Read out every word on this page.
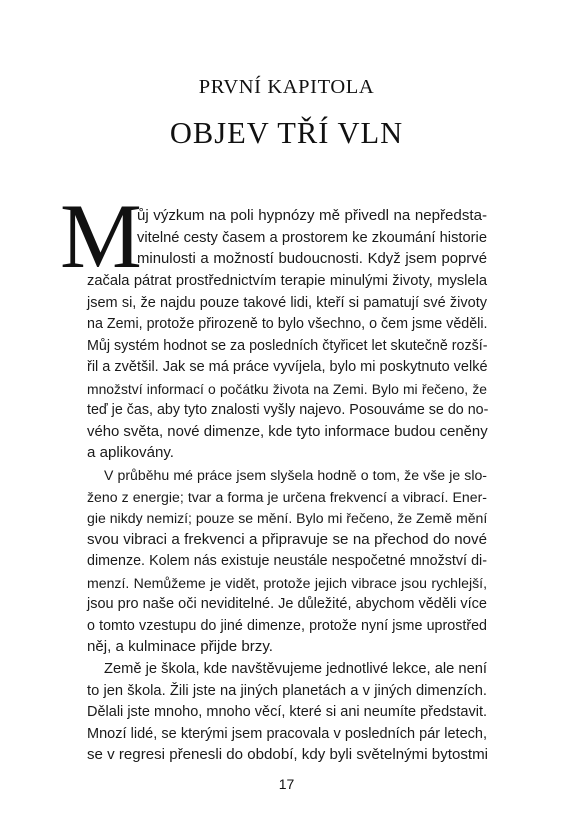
PRVNÍ KAPITOLA
OBJEV TŘÍ VLN
M
ůj výzkum na poli hypnózy mě přivedl na nepředsta-
vitelné cesty časem a prostorem ke zkoumání historie
minulosti a možností budoucnosti. Když jsem poprvé
začala pátrat prostřednictvím terapie minulými životy, myslela
jsem si, že najdu pouze takové lidi, kteří si pamatují své životy
na Zemi, protože přirozeně to bylo všechno, o čem jsme věděli.
Můj systém hodnot se za posledních čtyřicet let skutečně rozší-
řil a zvětšil. Jak se má práce vyvíjela, bylo mi poskytnuto velké
množství informací o počátku života na Zemi. Bylo mi řečeno, že
teď je čas, aby tyto znalosti vyšly najevo. Posouváme se do no-
vého světa, nové dimenze, kde tyto informace budou ceněny
a aplikovány.
V průběhu mé práce jsem slyšela hodně o tom, že vše je slo-
ženo z energie; tvar a forma je určena frekvencí a vibrací. Ener-
gie nikdy nemizí; pouze se mění. Bylo mi řečeno, že Země mění
svou vibraci a frekvenci a připravuje se na přechod do nové
dimenze. Kolem nás existuje neustále nespočetné množství di-
menzí. Nemůžeme je vidět, protože jejich vibrace jsou rychlejší,
jsou pro naše oči neviditelné. Je důležité, abychom věděli více
o tomto vzestupu do jiné dimenze, protože nyní jsme uprostřed
něj, a kulminace přijde brzy.
Země je škola, kde navštěvujeme jednotlivé lekce, ale není
to jen škola. Žili jste na jiných planetách a v jiných dimenzích.
Dělali jste mnoho, mnoho věcí, které si ani neumíte představit.
Mnozí lidé, se kterými jsem pracovala v posledních pár letech,
se v regresi přenesli do období, kdy byli světelnými bytostmi
17
